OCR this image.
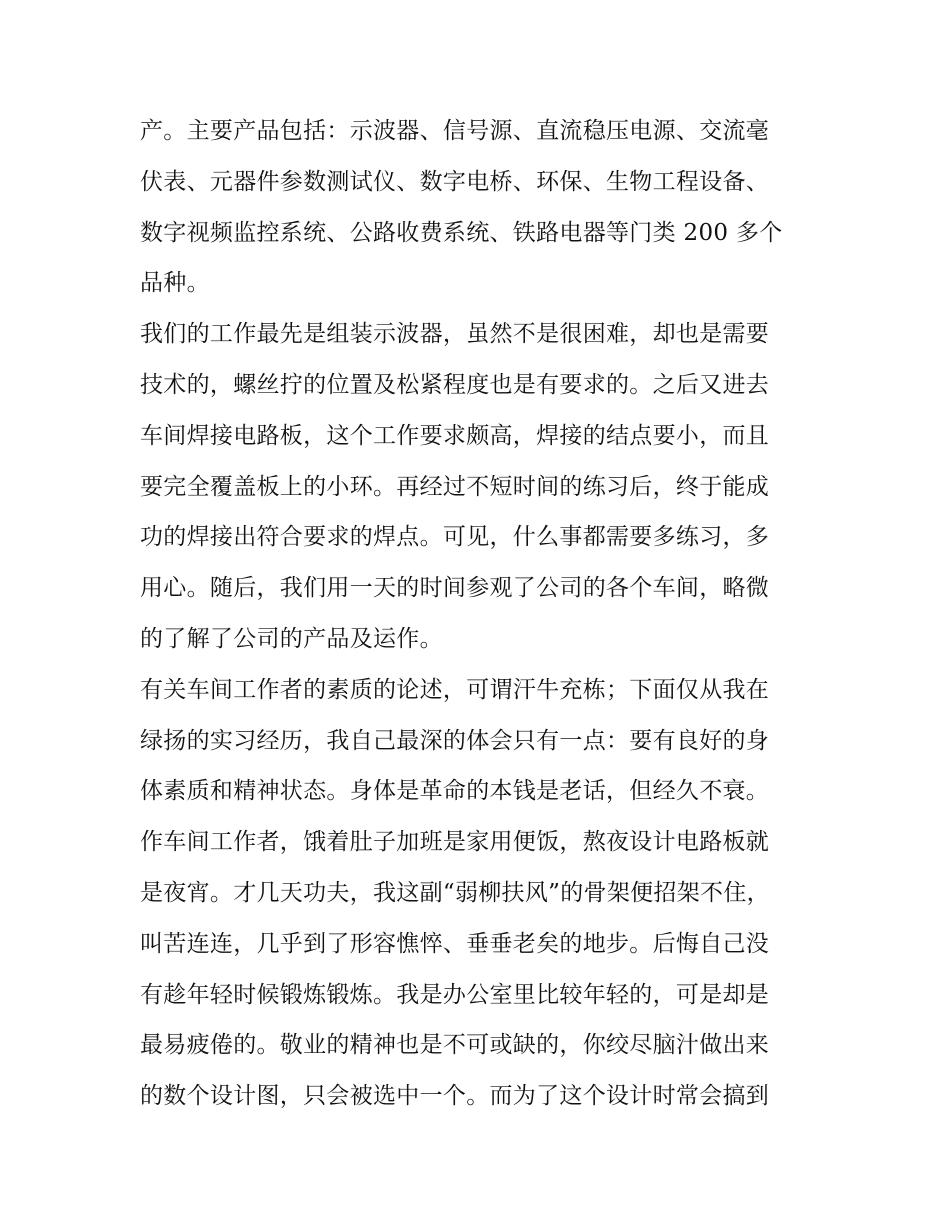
产。主要产品包括：示波器、信号源、直流稳压电源、交流毫
伏表、元器件参数测试仪、数字电桥、环保、生物工程设备、
数字视频监控系统、公路收费系统、铁路电器等门类 200 多个
品种。
我们的工作最先是组装示波器，虽然不是很困难，却也是需要
技术的，螺丝拧的位置及松紧程度也是有要求的。之后又进去
车间焊接电路板，这个工作要求颇高，焊接的结点要小，而且
要完全覆盖板上的小环。再经过不短时间的练习后，终于能成
功的焊接出符合要求的焊点。可见，什么事都需要多练习，多
用心。随后，我们用一天的时间参观了公司的各个车间，略微
的了解了公司的产品及运作。
有关车间工作者的素质的论述，可谓汗牛充栋；下面仅从我在
绿扬的实习经历，我自己最深的体会只有一点：要有良好的身
体素质和精神状态。身体是革命的本钱是老话，但经久不衰。
作车间工作者，饿着肚子加班是家用便饭，熬夜设计电路板就
是夜宵。才几天功夫，我这副“弱柳扶风”的骨架便招架不住，
叫苦连连，几乎到了形容憔悴、垂垂老矣的地步。后悔自己没
有趁年轻时候锻炼锻炼。我是办公室里比较年轻的，可是却是
最易疲倦的。敬业的精神也是不可或缺的，你绞尽脑汁做出来
的数个设计图，只会被选中一个。而为了这个设计时常会搞到
